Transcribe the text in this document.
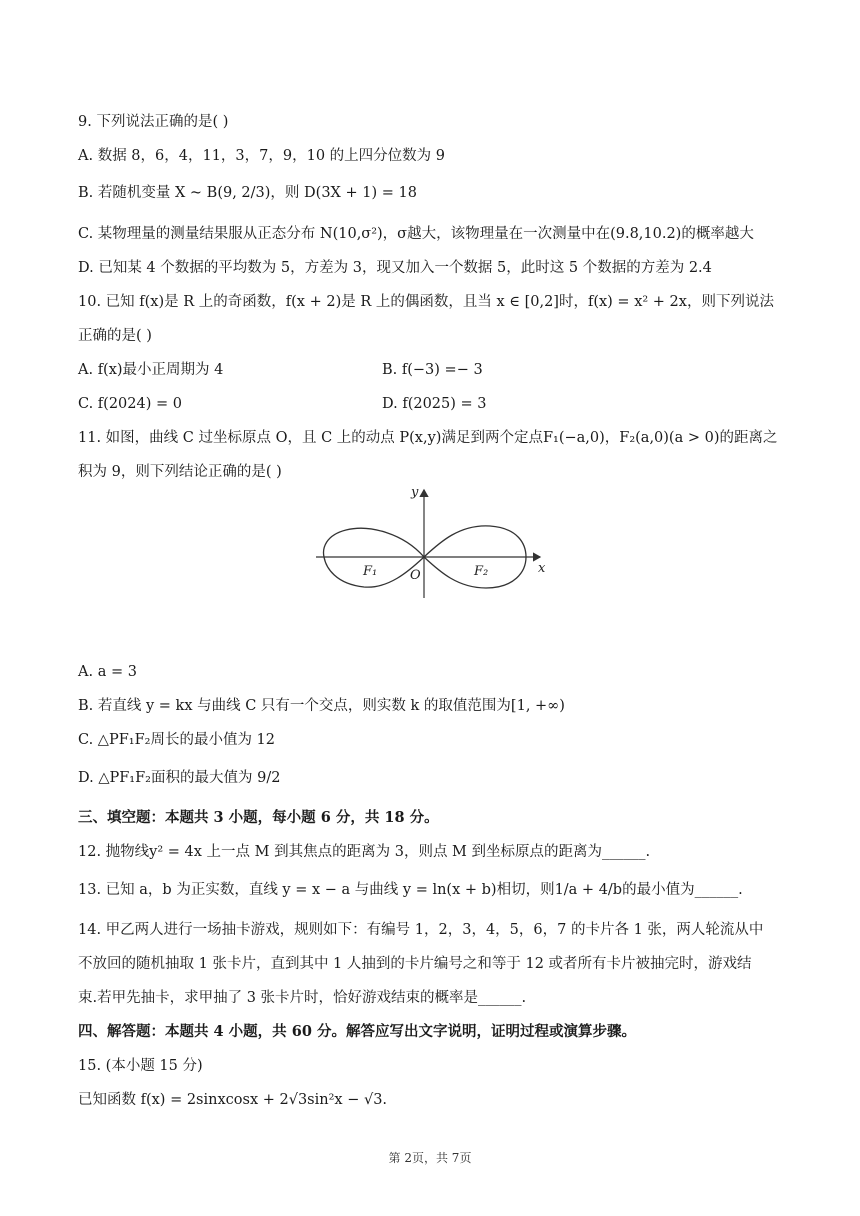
9. 下列说法正确的是( )
A. 数据 8，6，4，11，3，7，9，10 的上四分位数为 9
B. 若随机变量 X ~ B(9, 2/3)，则 D(3X + 1) = 18
C. 某物理量的测量结果服从正态分布 N(10,σ²)，σ越大，该物理量在一次测量中在(9.8,10.2)的概率越大
D. 已知某 4 个数据的平均数为 5，方差为 3，现又加入一个数据 5，此时这 5 个数据的方差为 2.4
10. 已知 f(x)是 R 上的奇函数，f(x + 2)是 R 上的偶函数，且当 x ∈ [0,2]时，f(x) = x² + 2x，则下列说法
正确的是( )
A. f(x)最小正周期为 4	B. f(−3) =− 3
C. f(2024) = 0	D. f(2025) = 3
11. 如图，曲线 C 过坐标原点 O，且 C 上的动点 P(x,y)满足到两个定点F₁(−a,0)，F₂(a,0)(a > 0)的距离之
积为 9，则下列结论正确的是( )
y
x
O
F₁	F₂
A. a = 3
B. 若直线 y = kx 与曲线 C 只有一个交点，则实数 k 的取值范围为[1, +∞)
C. △PF₁F₂周长的最小值为 12
D. △PF₁F₂面积的最大值为 9/2
三、填空题：本题共 3 小题，每小题 6 分，共 18 分。
12. 抛物线y² = 4x 上一点 M 到其焦点的距离为 3，则点 M 到坐标原点的距离为______.
13. 已知 a，b 为正实数，直线 y = x − a 与曲线 y = ln(x + b)相切，则1/a + 4/b的最小值为______.
14. 甲乙两人进行一场抽卡游戏，规则如下：有编号 1，2，3，4，5，6，7 的卡片各 1 张，两人轮流从中
不放回的随机抽取 1 张卡片，直到其中 1 人抽到的卡片编号之和等于 12 或者所有卡片被抽完时，游戏结
束.若甲先抽卡，求甲抽了 3 张卡片时，恰好游戏结束的概率是______.
四、解答题：本题共 4 小题，共 60 分。解答应写出文字说明，证明过程或演算步骤。
15. (本小题 15 分)
已知函数 f(x) = 2sinxcosx + 2√3sin²x − √3.
第 2页，共 7页
